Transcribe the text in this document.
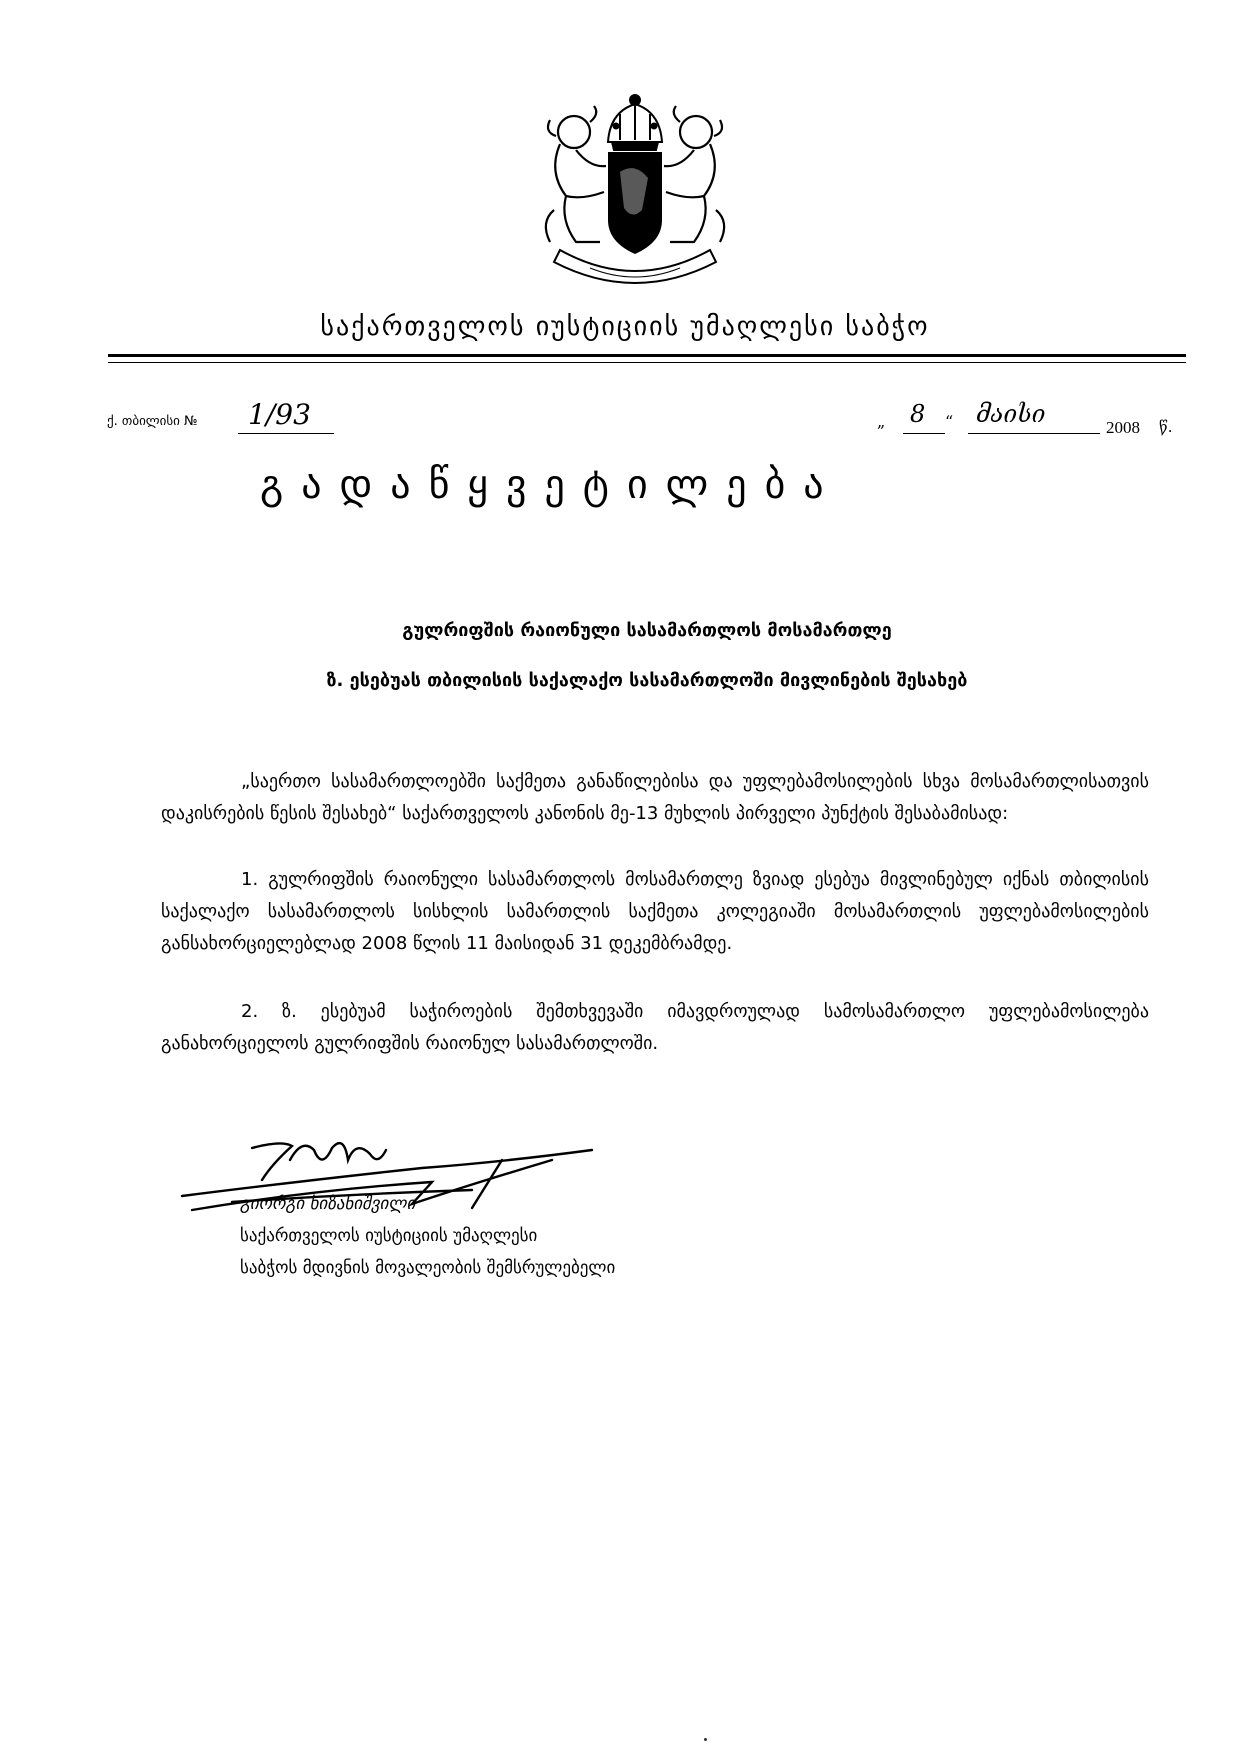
საქართველოს იუსტიციის უმაღლესი საბჭო
ქ. თბილისი № 1/93	„ 8 “ მაისი	2008 წ.
გადაწყვეტილება
გულრიფშის რაიონული სასამართლოს მოსამართლე
ზ. ესებუას თბილისის საქალაქო სასამართლოში მივლინების შესახებ
„საერთო სასამართლოებში საქმეთა განაწილებისა და უფლებამოსილების სხვა მოსამართლისათვის დაკისრების წესის შესახებ“ საქართველოს კანონის მე-13 მუხლის პირველი პუნქტის შესაბამისად:
1. გულრიფშის რაიონული სასამართლოს მოსამართლე ზვიად ესებუა მივლინებულ იქნას თბილისის საქალაქო სასამართლოს სისხლის სამართლის საქმეთა კოლეგიაში მოსამართლის უფლებამოსილების განსახორციელებლად 2008 წლის 11 მაისიდან 31 დეკემბრამდე.
2. ზ. ესებუამ საჭიროების შემთხვევაში იმავდროულად სამოსამართლო უფლებამოსილება განახორციელოს გულრიფშის რაიონულ სასამართლოში.
გიორგი ხიზანიშვილი
საქართველოს იუსტიციის უმაღლესი
საბჭოს მდივნის მოვალეობის შემსრულებელი
